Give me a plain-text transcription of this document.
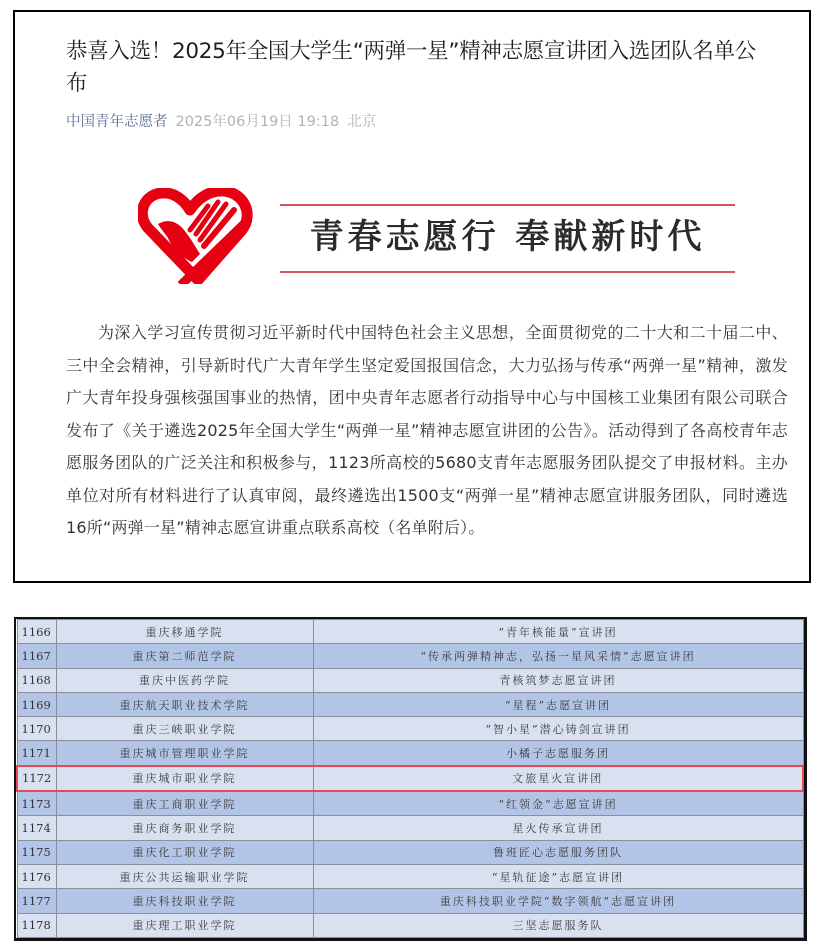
恭喜入选！2025年全国大学生“两弹一星”精神志愿宣讲团入选团队名单公布
中国青年志愿者 2025年06月19日 19:18 北京
青春志愿行 奉献新时代

为深入学习宣传贯彻习近平新时代中国特色社会主义思想，全面贯彻党的二十大和二十届二中、三中全会精神，引导新时代广大青年学生坚定爱国报国信念，大力弘扬与传承“两弹一星”精神，激发广大青年投身强核强国事业的热情，团中央青年志愿者行动指导中心与中国核工业集团有限公司联合发布了《关于遴选2025年全国大学生“两弹一星”精神志愿宣讲团的公告》。活动得到了各高校青年志愿服务团队的广泛关注和积极参与，1123所高校的5680支青年志愿服务团队提交了申报材料。主办单位对所有材料进行了认真审阅，最终遴选出1500支“两弹一星”精神志愿宣讲服务团队，同时遴选16所“两弹一星”精神志愿宣讲重点联系高校（名单附后）。

1166	重庆移通学院	“青年核能量”宣讲团
1167	重庆第二师范学院	“传承两弹精神志，弘扬一星风采情”志愿宣讲团
1168	重庆中医药学院	青核筑梦志愿宣讲团
1169	重庆航天职业技术学院	“星程”志愿宣讲团
1170	重庆三峡职业学院	“智小星”潜心铸剑宣讲团
1171	重庆城市管理职业学院	小橘子志愿服务团
1172	重庆城市职业学院	文旅星火宣讲团
1173	重庆工商职业学院	“红领金”志愿宣讲团
1174	重庆商务职业学院	星火传承宣讲团
1175	重庆化工职业学院	鲁班匠心志愿服务团队
1176	重庆公共运输职业学院	“星轨征途”志愿宣讲团
1177	重庆科技职业学院	重庆科技职业学院“数字领航”志愿宣讲团
1178	重庆理工职业学院	三坚志愿服务队
